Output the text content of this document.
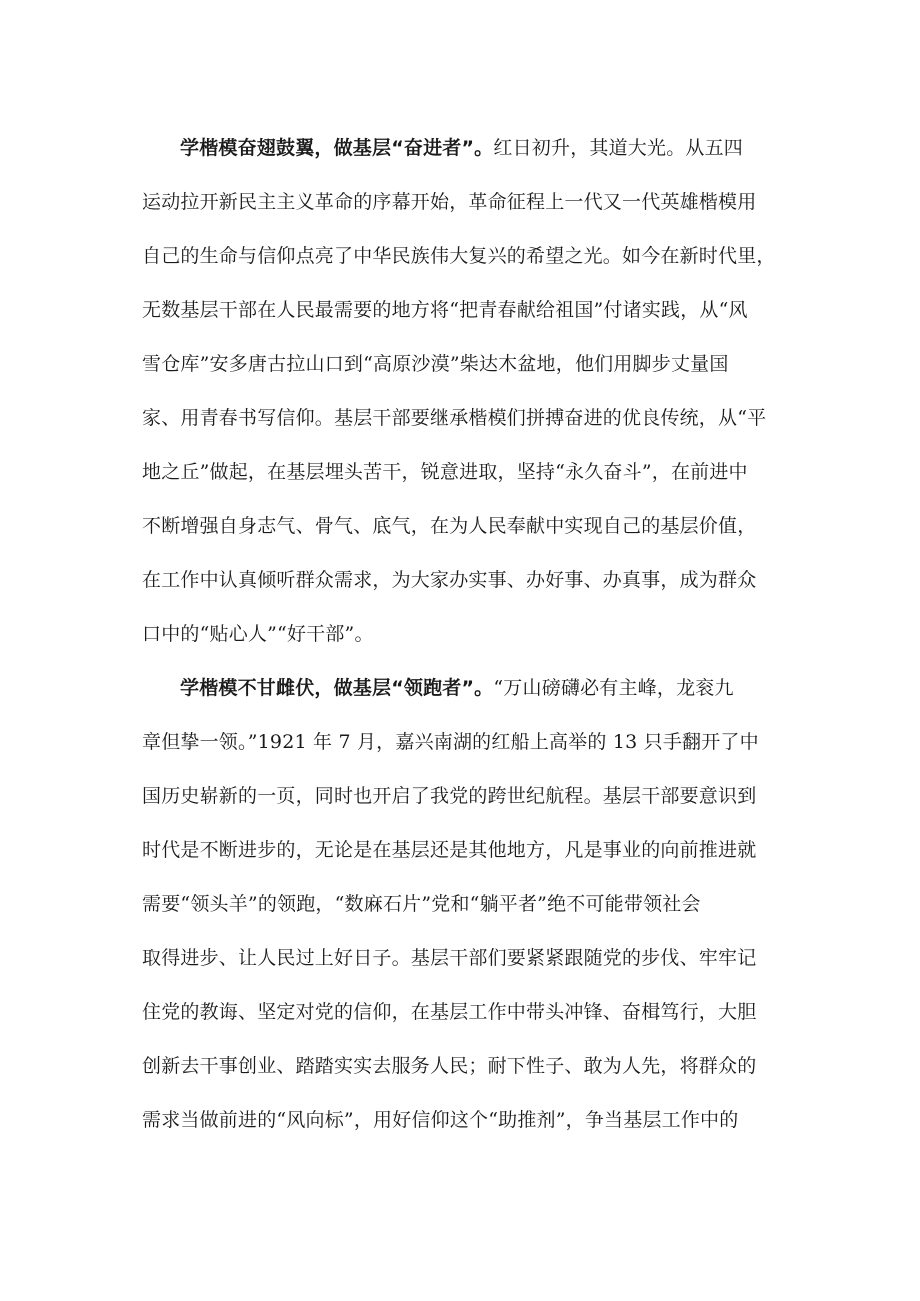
学楷模奋翅鼓翼，做基层“奋进者”。红日初升，其道大光。从五四
运动拉开新民主主义革命的序幕开始，革命征程上一代又一代英雄楷模用
自己的生命与信仰点亮了中华民族伟大复兴的希望之光。如今在新时代里，
无数基层干部在人民最需要的地方将“把青春献给祖国”付诸实践，从“风
雪仓库”安多唐古拉山口到“高原沙漠”柴达木盆地，他们用脚步丈量国
家、用青春书写信仰。基层干部要继承楷模们拼搏奋进的优良传统，从“平
地之丘”做起，在基层埋头苦干，锐意进取，坚持“永久奋斗”，在前进中
不断增强自身志气、骨气、底气，在为人民奉献中实现自己的基层价值，
在工作中认真倾听群众需求，为大家办实事、办好事、办真事，成为群众
口中的“贴心人”“好干部”。
学楷模不甘雌伏，做基层“领跑者”。“万山磅礴必有主峰，龙衮九
章但挚一领。”1921 年 7 月，嘉兴南湖的红船上高举的 13 只手翻开了中
国历史崭新的一页，同时也开启了我党的跨世纪航程。基层干部要意识到
时代是不断进步的，无论是在基层还是其他地方，凡是事业的向前推进就
需要“领头羊”的领跑，“数麻石片”党和“躺平者”绝不可能带领社会
取得进步、让人民过上好日子。基层干部们要紧紧跟随党的步伐、牢牢记
住党的教诲、坚定对党的信仰，在基层工作中带头冲锋、奋楫笃行，大胆
创新去干事创业、踏踏实实去服务人民；耐下性子、敢为人先，将群众的
需求当做前进的“风向标”，用好信仰这个“助推剂”，争当基层工作中的
